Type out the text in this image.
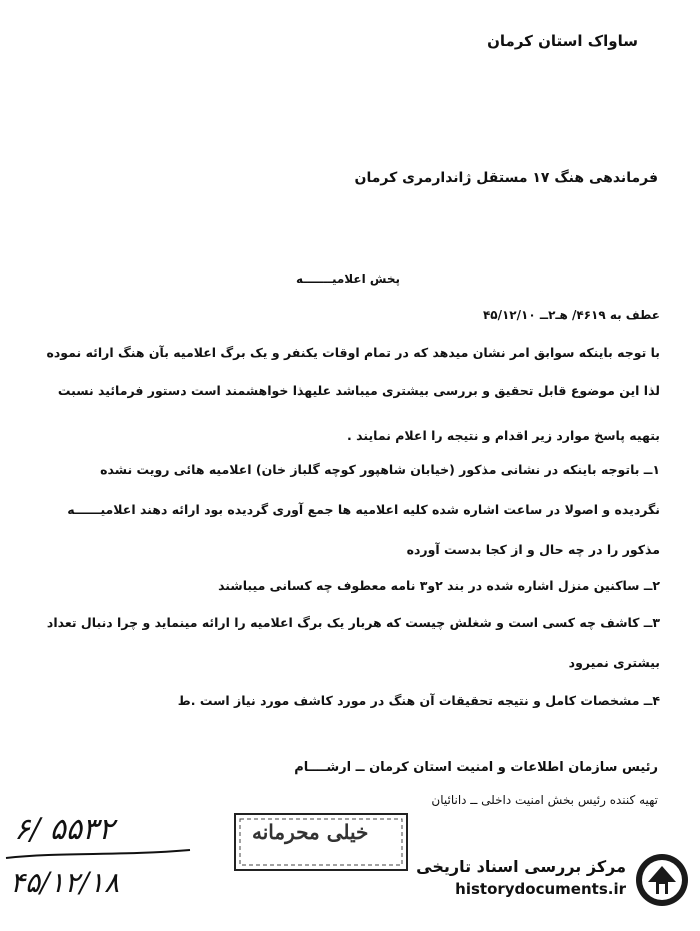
ساواک استان کرمان
فرماندهی هنگ ۱۷ مستقل ژاندارمری کرمان
پخش اعلامیـــــــه
عطف به ۴۶۱۹/ هـ۲ــ ۴۵/۱۲/۱۰
با توجه باینکه سوابق امر نشان میدهد که در تمام اوقات یکنفر و یک برگ اعلامیه بآن هنگ ارائه نموده
لذا این موضوع قابل تحقیق و بررسی بیشتری میباشد علیهذا خواهشمند است دستور فرمائید نسبت
بتهیه پاسخ موارد زیر اقدام و نتیجه را اعلام نمایند .
۱ــ باتوجه باینکه در نشانی مذکور (خیابان شاهپور کوچه گلباز خان) اعلامیه هائی رویت نشده
نگردیده و اصولا در ساعت اشاره شده کلیه اعلامیه ها جمع آوری گردیده بود ارائه دهند اعلامیــــــه
مذکور را در چه حال و از کجا بدست آورده
۲ــ ساکنین منزل اشاره شده در بند ۲و۳ نامه معطوف چه کسانی میباشند
۳ــ کاشف چه کسی است و شغلش چیست که هربار یک برگ اعلامیه را ارائه مینماید و چرا دنبال تعداد
بیشتری نمیرود
۴ــ مشخصات کامل و نتیجه تحقیقات آن هنگ در مورد کاشف مورد نیاز است .ط
رئیس سازمان اطلاعات و امنیت استان کرمان ــ ارشــــام
تهیه کننده رئیس بخش امنیت داخلی ــ دانائیان
خیلی محرمانه
۶/ ۵۵۳۲
۴۵/۱۲/۱۸	مرکز بررسی اسناد تاریخی
historydocuments.ir
